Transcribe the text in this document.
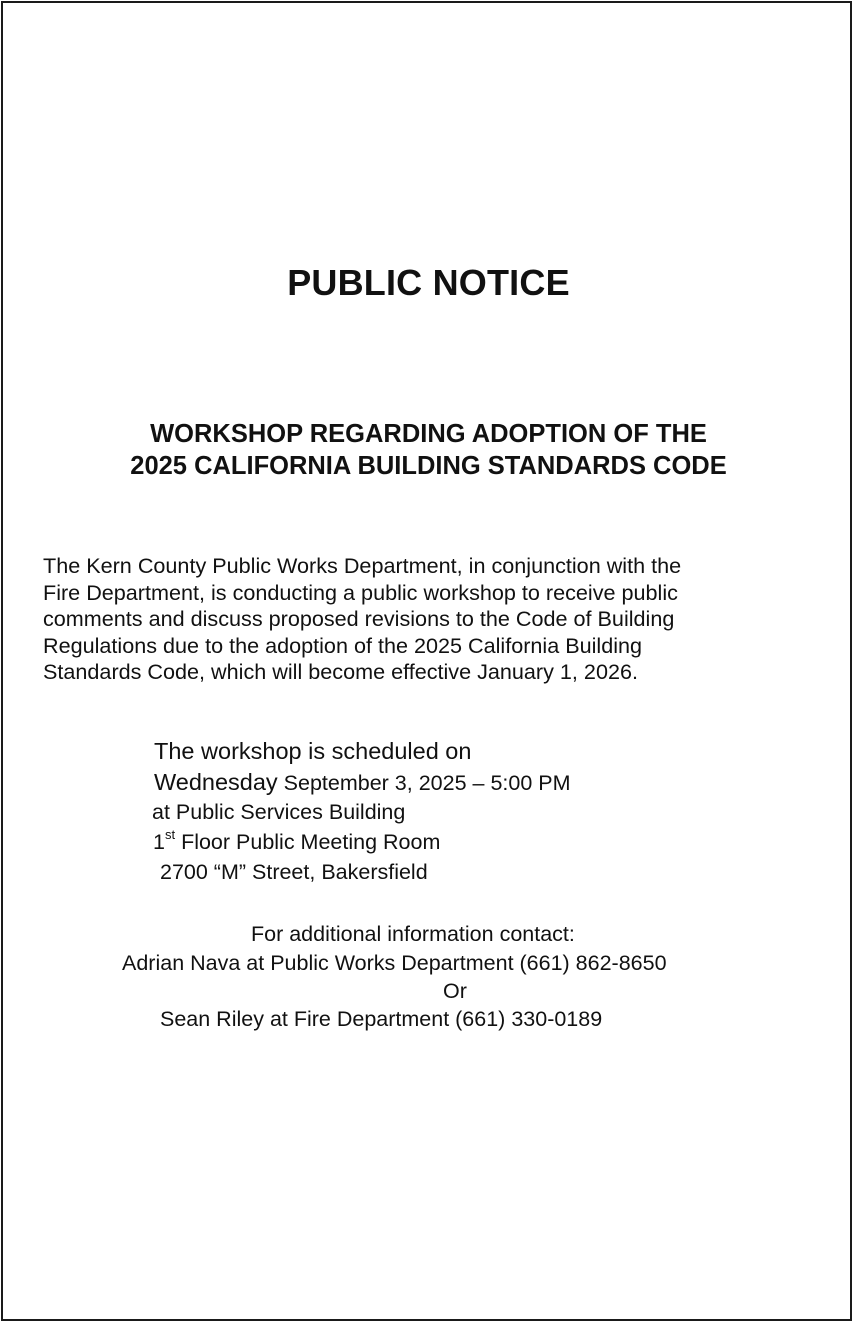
PUBLIC NOTICE
WORKSHOP REGARDING ADOPTION OF THE
2025 CALIFORNIA BUILDING STANDARDS CODE
The Kern County Public Works Department, in conjunction with the
Fire Department, is conducting a public workshop to receive public
comments and discuss proposed revisions to the Code of Building
Regulations due to the adoption of the 2025 California Building
Standards Code, which will become effective January 1, 2026.
The workshop is scheduled on
Wednesday September 3, 2025 – 5:00 PM
at Public Services Building
1st Floor Public Meeting Room
2700 “M” Street, Bakersfield
For additional information contact:
Adrian Nava at Public Works Department (661) 862-8650
Or
Sean Riley at Fire Department (661) 330-0189
